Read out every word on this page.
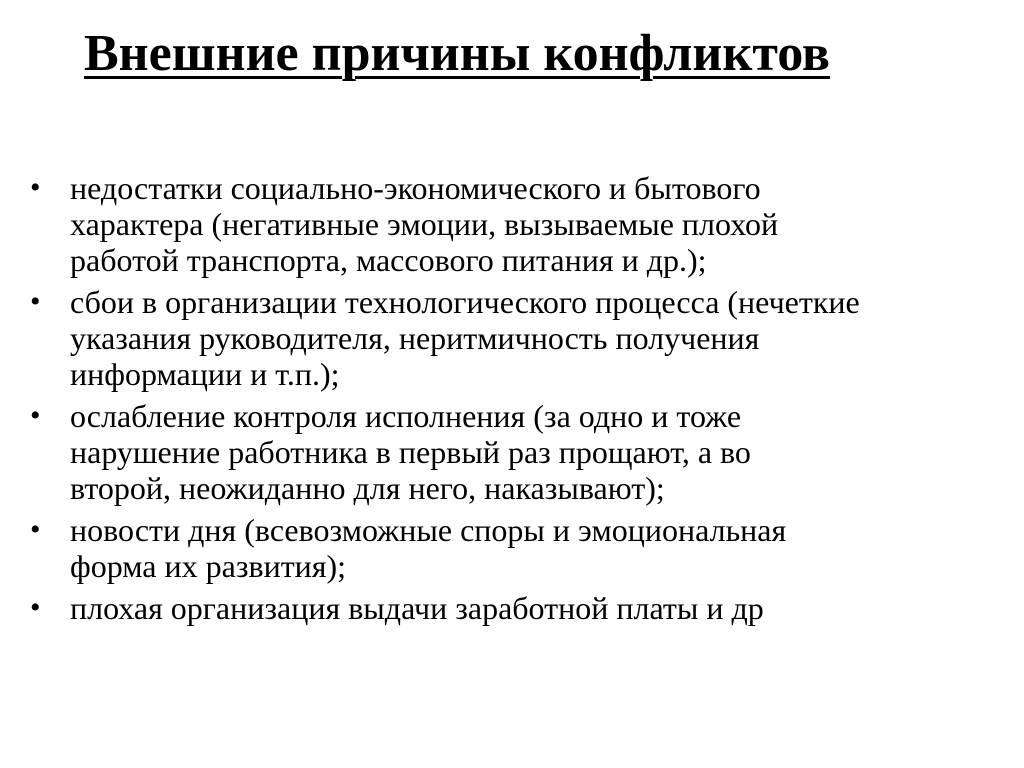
Внешние причины конфликтов
• недостатки социально-экономического и бытового
характера (негативные эмоции, вызываемые плохой
работой транспорта, массового питания и др.);
• сбои в организации технологического процесса (нечеткие
указания руководителя, неритмичность получения
информации и т.п.);
• ослабление контроля исполнения (за одно и тоже
нарушение работника в первый раз прощают, а во
второй, неожиданно для него, наказывают);
• новости дня (всевозможные споры и эмоциональная
форма их развития);
• плохая организация выдачи заработной платы и др
